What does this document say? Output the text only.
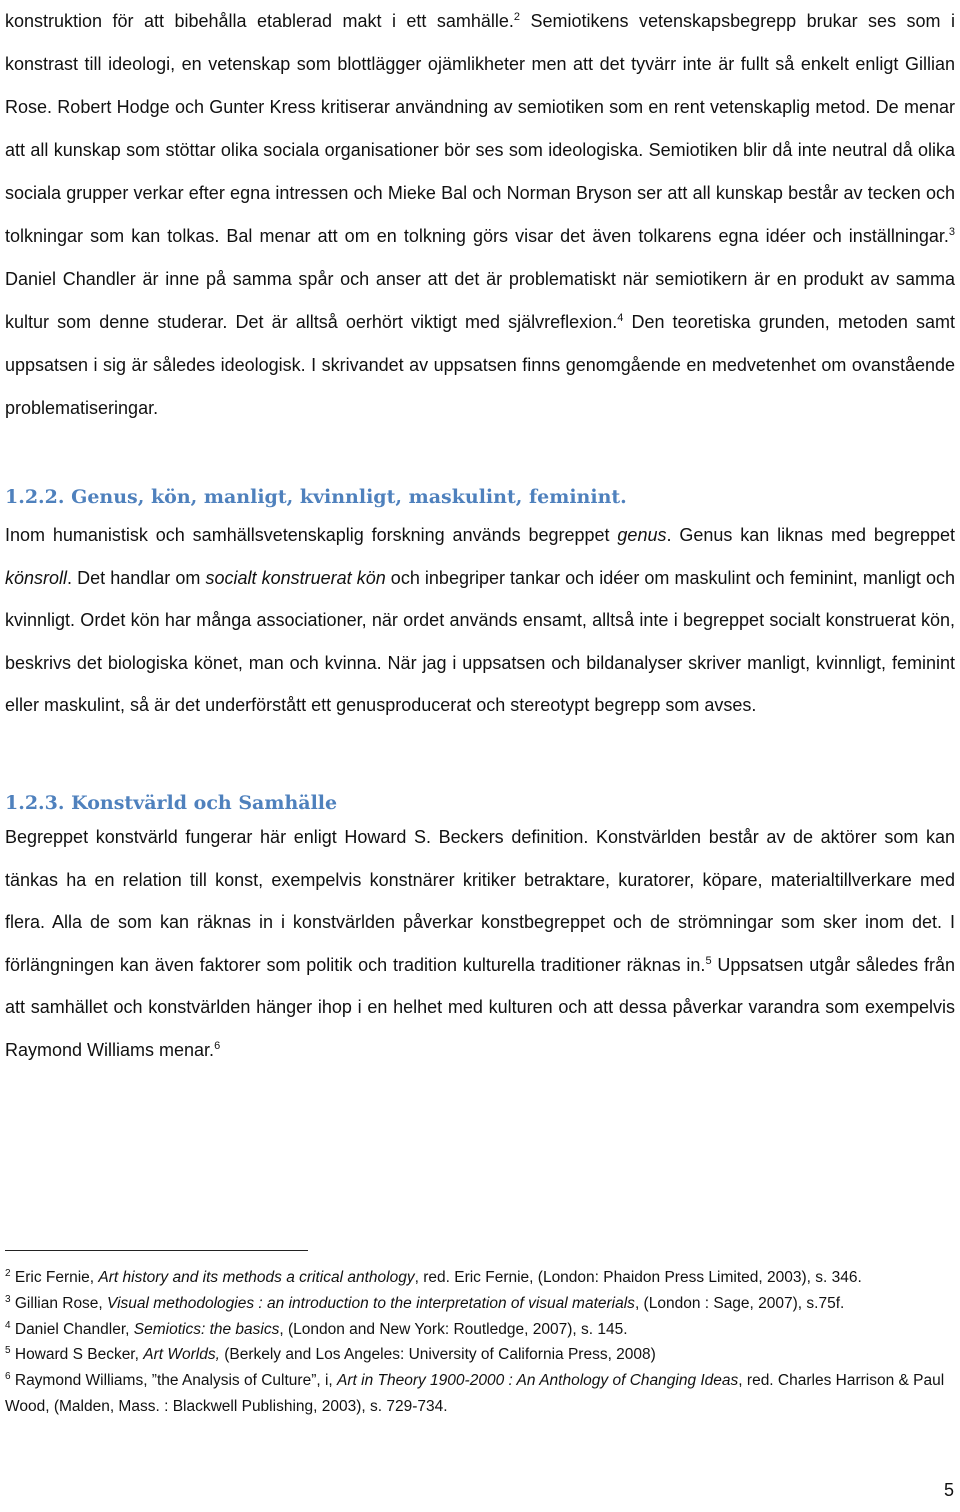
konstruktion för att bibehålla etablerad makt i ett samhälle.$^2$ Semiotikens vetenskapsbegrepp brukar ses som i konstrast till ideologi, en vetenskap som blottlägger ojämlikheter men att det tyvärr inte är fullt så enkelt enligt Gillian Rose. Robert Hodge och Gunter Kress kritiserar användning av semiotiken som en rent vetenskaplig metod. De menar att all kunskap som stöttar olika sociala organisationer bör ses som ideologiska. Semiotiken blir då inte neutral då olika sociala grupper verkar efter egna intressen och Mieke Bal och Norman Bryson ser att all kunskap består av tecken och tolkningar som kan tolkas. Bal menar att om en tolkning görs visar det även tolkarens egna idéer och inställningar.$^3$ Daniel Chandler är inne på samma spår och anser att det är problematiskt när semiotikern är en produkt av samma kultur som denne studerar. Det är alltså oerhört viktigt med självreflexion.$^4$ Den teoretiska grunden, metoden samt uppsatsen i sig är således ideologisk. I skrivandet av uppsatsen finns genomgående en medvetenhet om ovanstående problematiseringar.

1.2.2. Genus, kön, manligt, kvinnligt, maskulint, feminint.

Inom humanistisk och samhällsvetenskaplig forskning används begreppet genus. Genus kan liknas med begreppet könsroll. Det handlar om socialt konstruerat kön och inbegriper tankar och idéer om maskulint och feminint, manligt och kvinnligt. Ordet kön har många associationer, när ordet används ensamt, alltså inte i begreppet socialt konstruerat kön, beskrivs det biologiska könet, man och kvinna. När jag i uppsatsen och bildanalyser skriver manligt, kvinnligt, feminint eller maskulint, så är det underförstått ett genusproducerat och stereotypt begrepp som avses.

1.2.3. Konstvärld och Samhälle

Begreppet konstvärld fungerar här enligt Howard S. Beckers definition. Konstvärlden består av de aktörer som kan tänkas ha en relation till konst, exempelvis konstnärer kritiker betraktare, kuratorer, köpare, materialtillverkare med flera. Alla de som kan räknas in i konstvärlden påverkar konstbegreppet och de strömningar som sker inom det. I förlängningen kan även faktorer som politik och tradition kulturella traditioner räknas in.$^5$ Uppsatsen utgår således från att samhället och konstvärlden hänger ihop i en helhet med kulturen och att dessa påverkar varandra som exempelvis Raymond Williams menar.$^6$

$^2$ Eric Fernie, Art history and its methods a critical anthology, red. Eric Fernie, (London: Phaidon Press Limited, 2003), s. 346.

$^3$ Gillian Rose, Visual methodologies : an introduction to the interpretation of visual materials, (London : Sage, 2007), s.75f.

$^4$ Daniel Chandler, Semiotics: the basics, (London and New York: Routledge, 2007), s. 145.

$^5$ Howard S Becker, Art Worlds, (Berkely and Los Angeles: University of California Press, 2008)

$^6$ Raymond Williams, ”the Analysis of Culture”, i, Art in Theory 1900-2000 : An Anthology of Changing Ideas, red. Charles Harrison & Paul Wood, (Malden, Mass. : Blackwell Publishing, 2003), s. 729-734.

5
